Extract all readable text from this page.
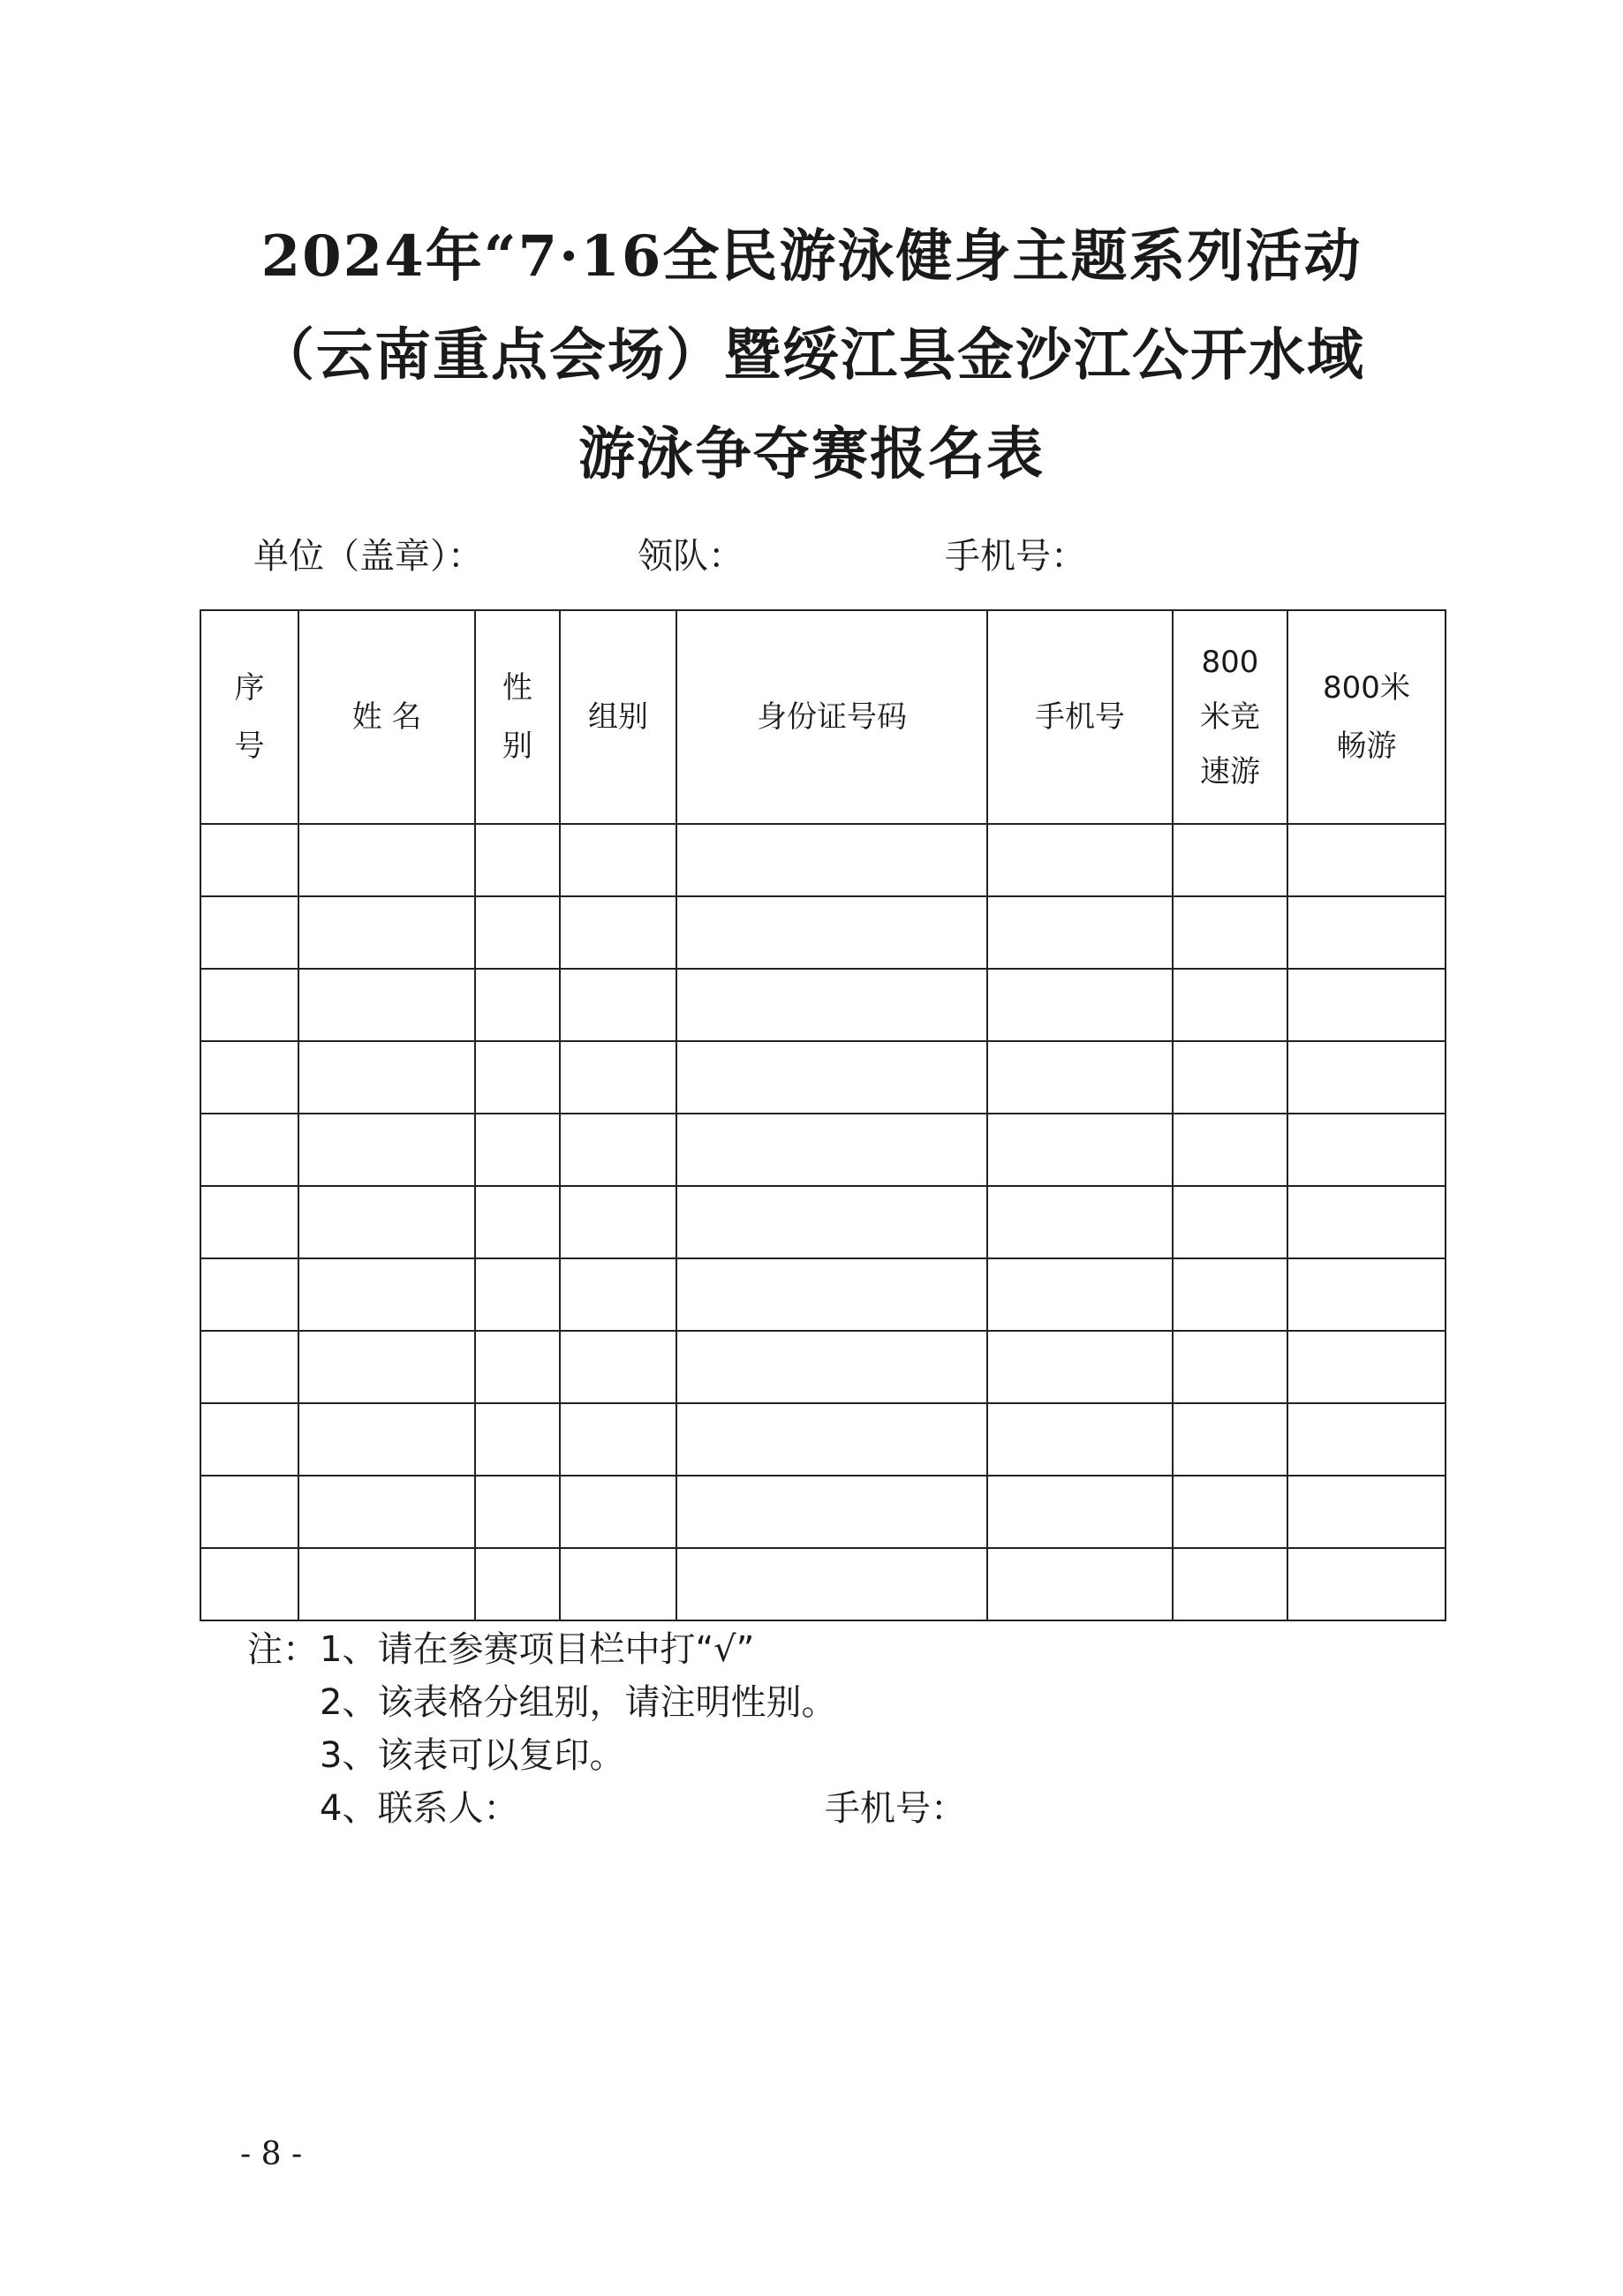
2024年“7·16全民游泳健身主题系列活动
（云南重点会场）暨绥江县金沙江公开水域
游泳争夺赛报名表
单位（盖章）：	领队：	手机号：
序号	姓 名	性别	组别	身份证号码	手机号	800米竞速游	800米畅游

注：1、请在参赛项目栏中打“√”
2、该表格分组别，请注明性别。
3、该表可以复印。
4、联系人：	手机号：
- 8 -
